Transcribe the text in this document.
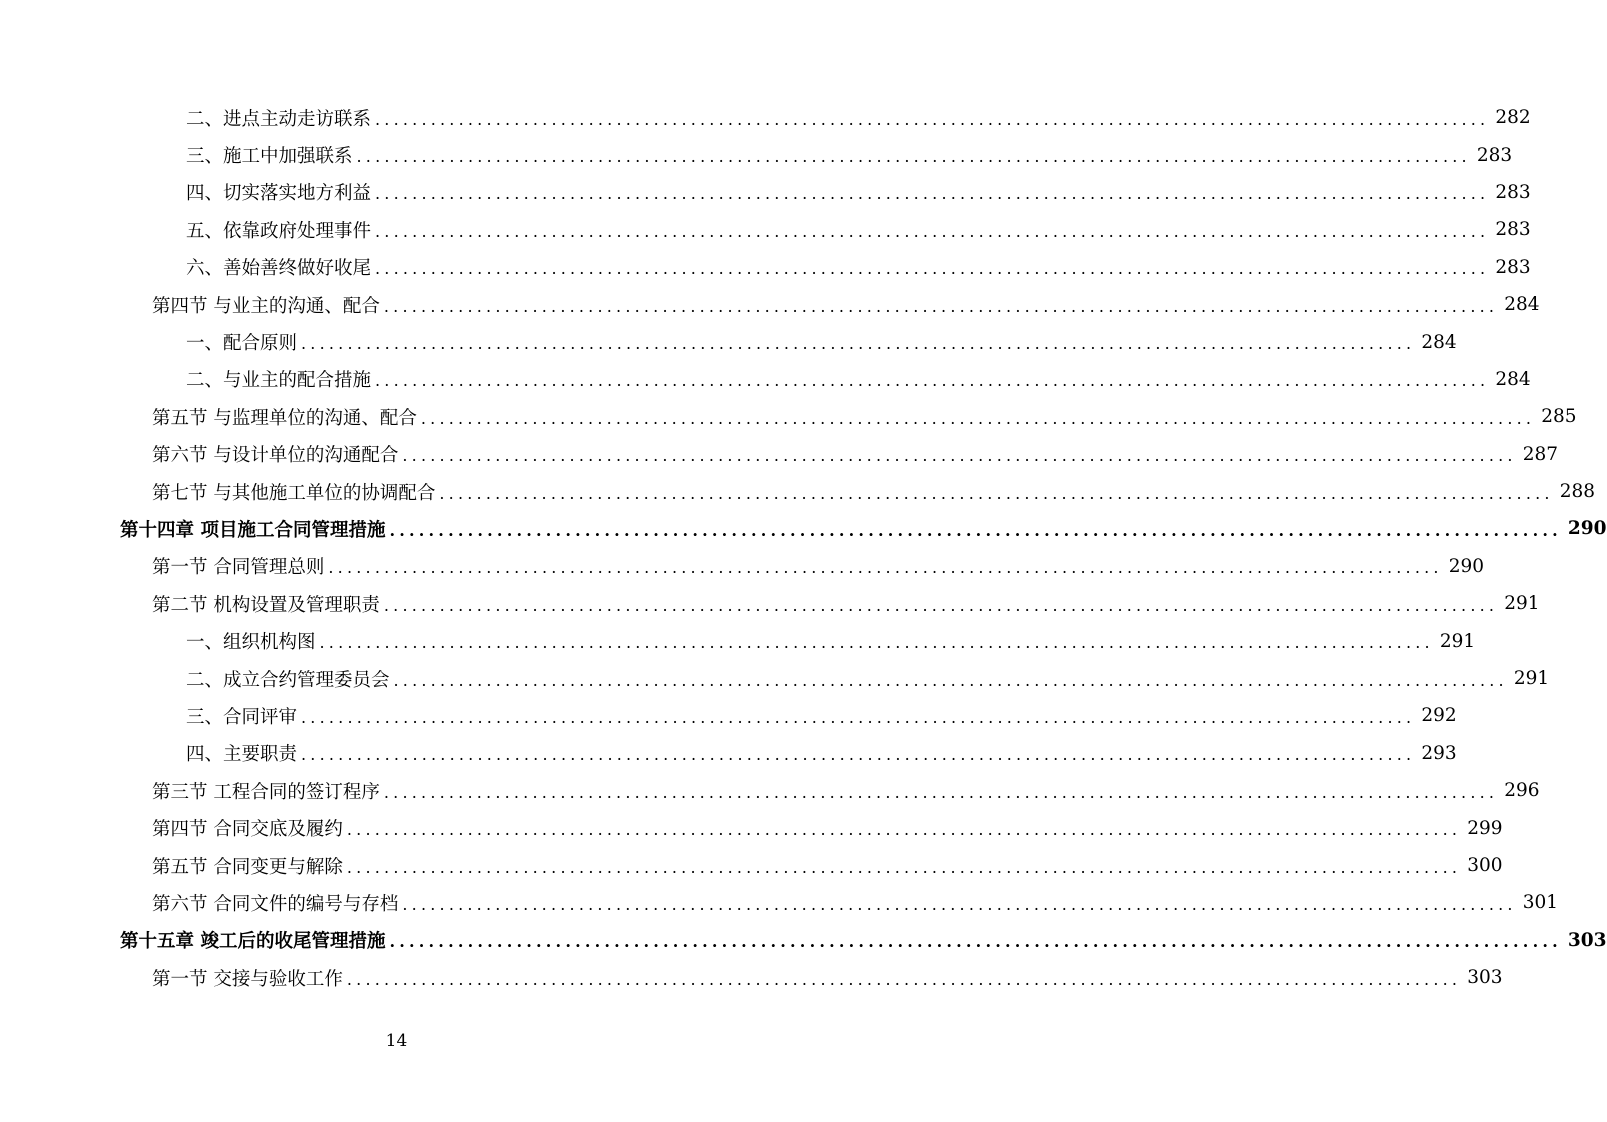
二、进点主动走访联系 ........................................................................................................................ 282
三、施工中加强联系 ........................................................................................................................ 283
四、切实落实地方利益 ........................................................................................................................ 283
五、依靠政府处理事件 ........................................................................................................................ 283
六、善始善终做好收尾 ........................................................................................................................ 283
第四节 与业主的沟通、配合 ........................................................................................................................ 284
一、配合原则 ........................................................................................................................ 284
二、与业主的配合措施 ........................................................................................................................ 284
第五节 与监理单位的沟通、配合 ........................................................................................................................ 285
第六节 与设计单位的沟通配合 ........................................................................................................................ 287
第七节 与其他施工单位的协调配合 ........................................................................................................................ 288
第十四章 项目施工合同管理措施 ........................................................................................................................ 290
第一节 合同管理总则 ........................................................................................................................ 290
第二节 机构设置及管理职责 ........................................................................................................................ 291
一、组织机构图 ........................................................................................................................ 291
二、成立合约管理委员会 ........................................................................................................................ 291
三、合同评审 ........................................................................................................................ 292
四、主要职责 ........................................................................................................................ 293
第三节 工程合同的签订程序 ........................................................................................................................ 296
第四节 合同交底及履约 ........................................................................................................................ 299
第五节 合同变更与解除 ........................................................................................................................ 300
第六节 合同文件的编号与存档 ........................................................................................................................ 301
第十五章 竣工后的收尾管理措施 ........................................................................................................................ 303
第一节 交接与验收工作 ........................................................................................................................ 303
14
